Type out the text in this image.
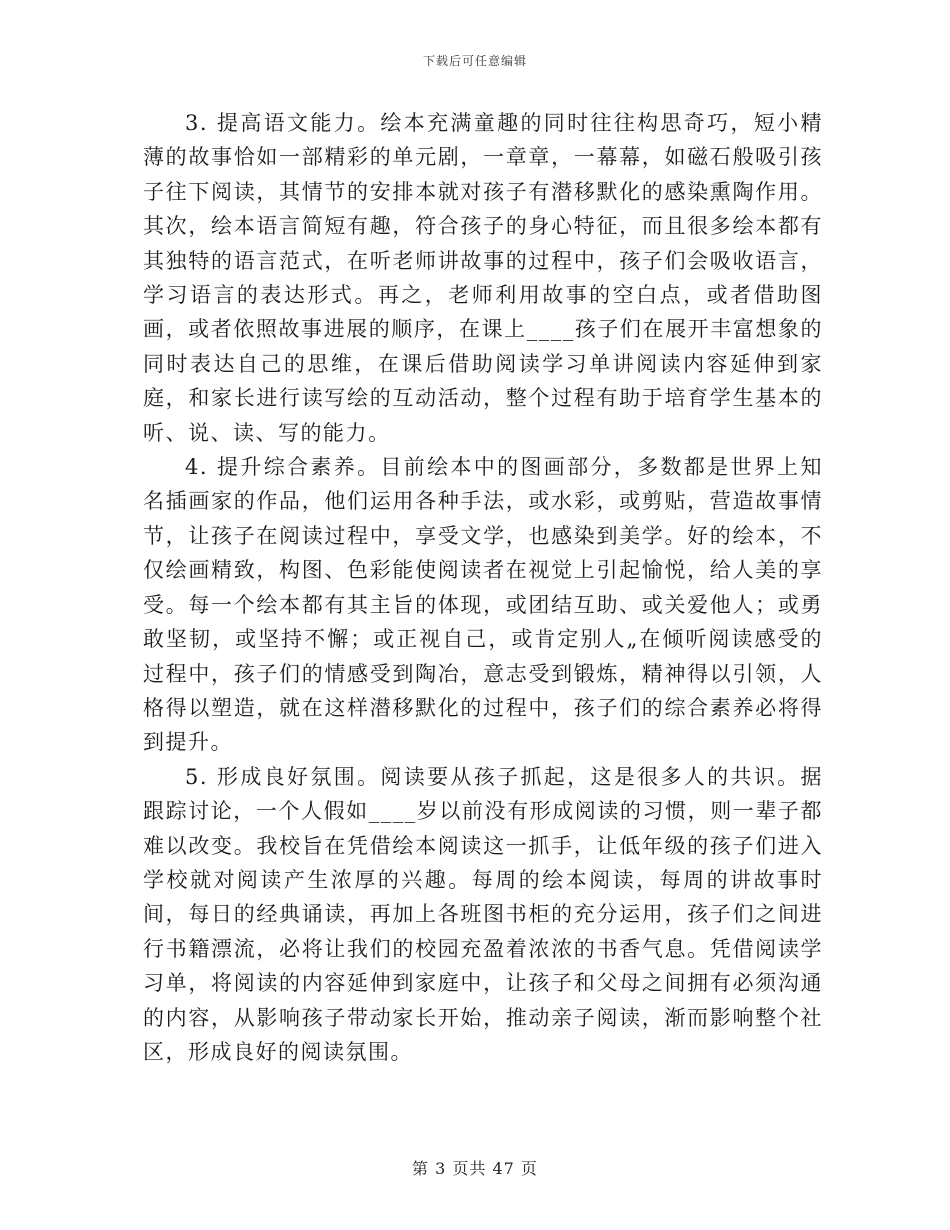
下载后可任意编辑

3. 提高语文能力。绘本充满童趣的同时往往构思奇巧，短小精薄的故事恰如一部精彩的单元剧，一章章，一幕幕，如磁石般吸引孩子往下阅读，其情节的安排本就对孩子有潜移默化的感染熏陶作用。其次，绘本语言简短有趣，符合孩子的身心特征，而且很多绘本都有其独特的语言范式，在听老师讲故事的过程中，孩子们会吸收语言，学习语言的表达形式。再之，老师利用故事的空白点，或者借助图画，或者依照故事进展的顺序，在课上____孩子们在展开丰富想象的同时表达自己的思维，在课后借助阅读学习单讲阅读内容延伸到家庭，和家长进行读写绘的互动活动，整个过程有助于培育学生基本的听、说、读、写的能力。

4. 提升综合素养。目前绘本中的图画部分，多数都是世界上知名插画家的作品，他们运用各种手法，或水彩，或剪贴，营造故事情节，让孩子在阅读过程中，享受文学，也感染到美学。好的绘本，不仅绘画精致，构图、色彩能使阅读者在视觉上引起愉悦，给人美的享受。每一个绘本都有其主旨的体现，或团结互助、或关爱他人；或勇敢坚韧，或坚持不懈；或正视自己，或肯定别人„在倾听阅读感受的过程中，孩子们的情感受到陶冶，意志受到锻炼，精神得以引领，人格得以塑造，就在这样潜移默化的过程中，孩子们的综合素养必将得到提升。

5. 形成良好氛围。阅读要从孩子抓起，这是很多人的共识。据跟踪讨论，一个人假如____岁以前没有形成阅读的习惯，则一辈子都难以改变。我校旨在凭借绘本阅读这一抓手，让低年级的孩子们进入学校就对阅读产生浓厚的兴趣。每周的绘本阅读，每周的讲故事时间，每日的经典诵读，再加上各班图书柜的充分运用，孩子们之间进行书籍漂流，必将让我们的校园充盈着浓浓的书香气息。凭借阅读学习单，将阅读的内容延伸到家庭中，让孩子和父母之间拥有必须沟通的内容，从影响孩子带动家长开始，推动亲子阅读，渐而影响整个社区，形成良好的阅读氛围。

第 3 页共 47 页
